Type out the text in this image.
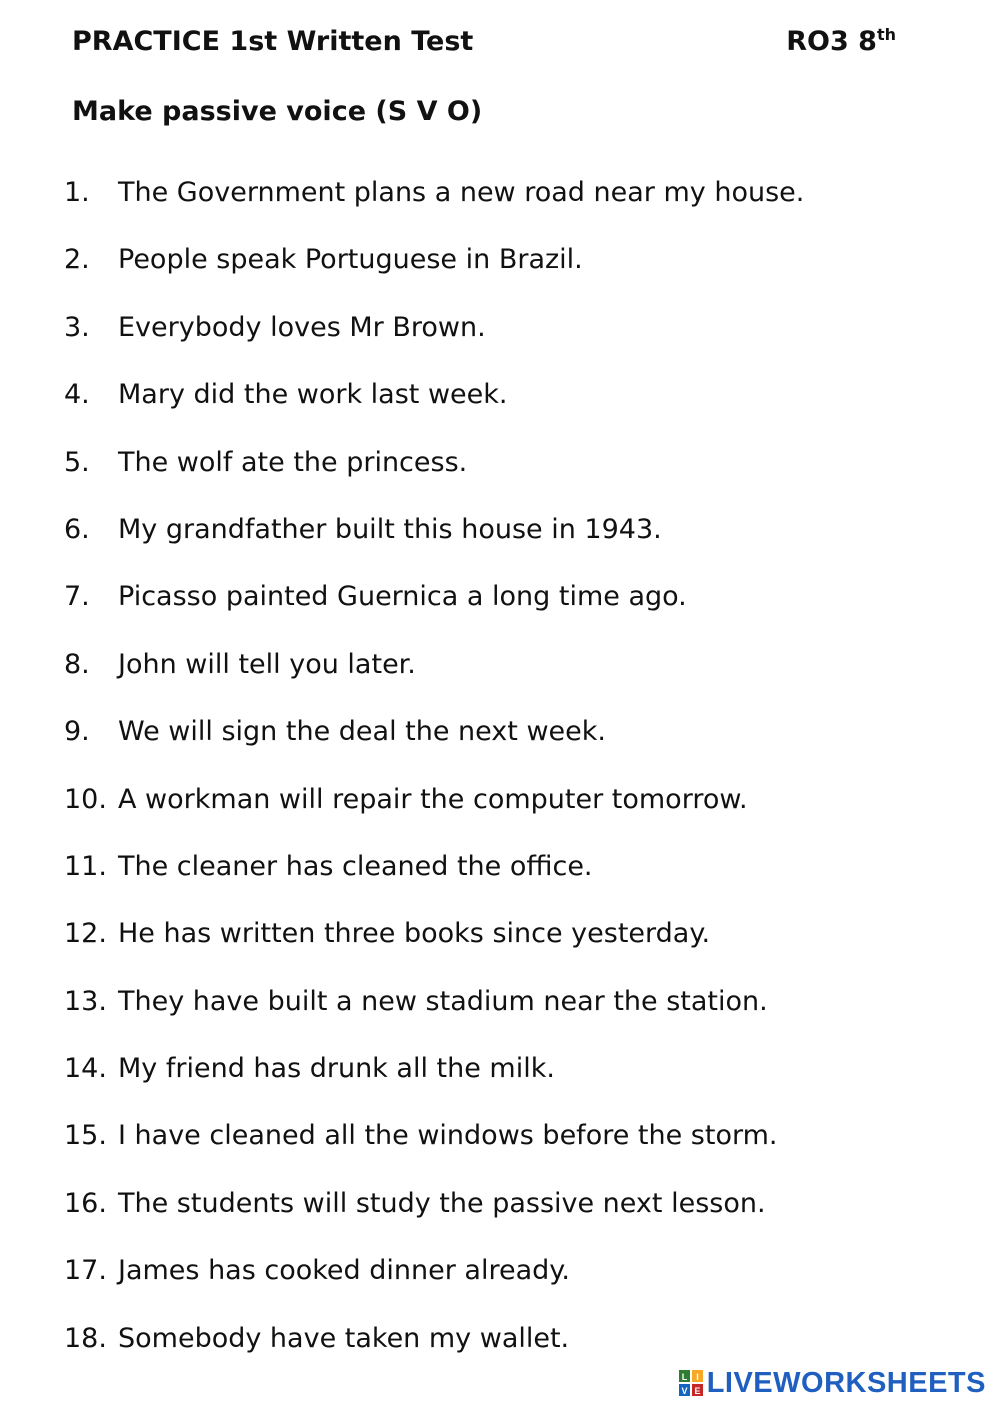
PRACTICE 1st Written Test	RO3 8th
Make passive voice (S V O)
1.	The Government plans a new road near my house.
2.	People speak Portuguese in Brazil.
3.	Everybody loves Mr Brown.
4.	Mary did the work last week.
5.	The wolf ate the princess.
6.	My grandfather built this house in 1943.
7.	Picasso painted Guernica a long time ago.
8.	John will tell you later.
9.	We will sign the deal the next week.
10. A workman will repair the computer tomorrow.
11. The cleaner has cleaned the office.
12. He has written three books since yesterday.
13. They have built a new stadium near the station.
14. My friend has drunk all the milk.
15. I have cleaned all the windows before the storm.
16. The students will study the passive next lesson.
17. James has cooked dinner already.
18. Somebody have taken my wallet.
L I
V E LIVEWORKSHEETS
